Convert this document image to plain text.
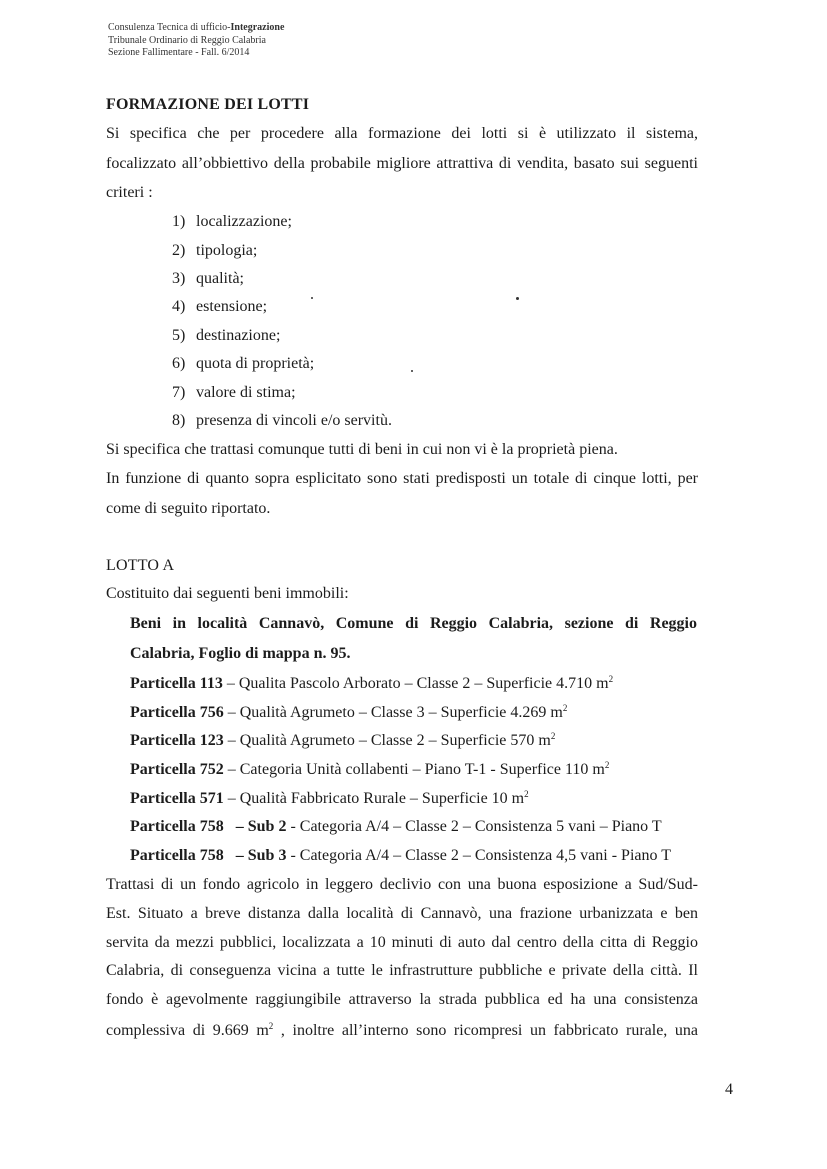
Consulenza Tecnica di ufficio-Integrazione
Tribunale Ordinario di Reggio Calabria
Sezione Fallimentare - Fall. 6/2014
FORMAZIONE DEI LOTTI
Si specifica che per procedere alla formazione dei lotti si è utilizzato il sistema,
focalizzato all’obbiettivo della probabile migliore attrattiva di vendita, basato sui seguenti
criteri :
1) localizzazione;
2) tipologia;
3) qualità;
4) estensione;
5) destinazione;
6) quota di proprietà;
7) valore di stima;
8) presenza di vincoli e/o servitù.
Si specifica che trattasi comunque tutti di beni in cui non vi è la proprietà piena.
In funzione di quanto sopra esplicitato sono stati predisposti un totale di cinque lotti, per
come di seguito riportato.
LOTTO A
Costituito dai seguenti beni immobili:
Beni in località Cannavò, Comune di Reggio Calabria, sezione di Reggio
Calabria, Foglio di mappa n. 95.
Particella 113 – Qualita Pascolo Arborato – Classe 2 – Superficie 4.710 $m^2$
Particella 756 – Qualità Agrumeto – Classe 3 – Superficie 4.269 $m^2$
Particella 123 – Qualità Agrumeto – Classe 2 – Superficie 570 $m^2$
Particella 752 – Categoria Unità collabenti – Piano T-1 - Superfice 110 $m^2$
Particella 571 – Qualità Fabbricato Rurale – Superficie 10 $m^2$
Particella 758   – Sub 2 - Categoria A/4 – Classe 2 – Consistenza 5 vani – Piano T
Particella 758   – Sub 3 - Categoria A/4 – Classe 2 – Consistenza 4,5 vani - Piano T
Trattasi di un fondo agricolo in leggero declivio con una buona esposizione a Sud/Sud-
Est. Situato a breve distanza dalla località di Cannavò, una frazione urbanizzata e ben
servita da mezzi pubblici, localizzata a 10 minuti di auto dal centro della citta di Reggio
Calabria, di conseguenza vicina a tutte le infrastrutture pubbliche e private della città. Il
fondo è agevolmente raggiungibile attraverso la strada pubblica ed ha una consistenza
complessiva di 9.669 $m^2$ , inoltre all’interno sono ricompresi un fabbricato rurale, una
4
